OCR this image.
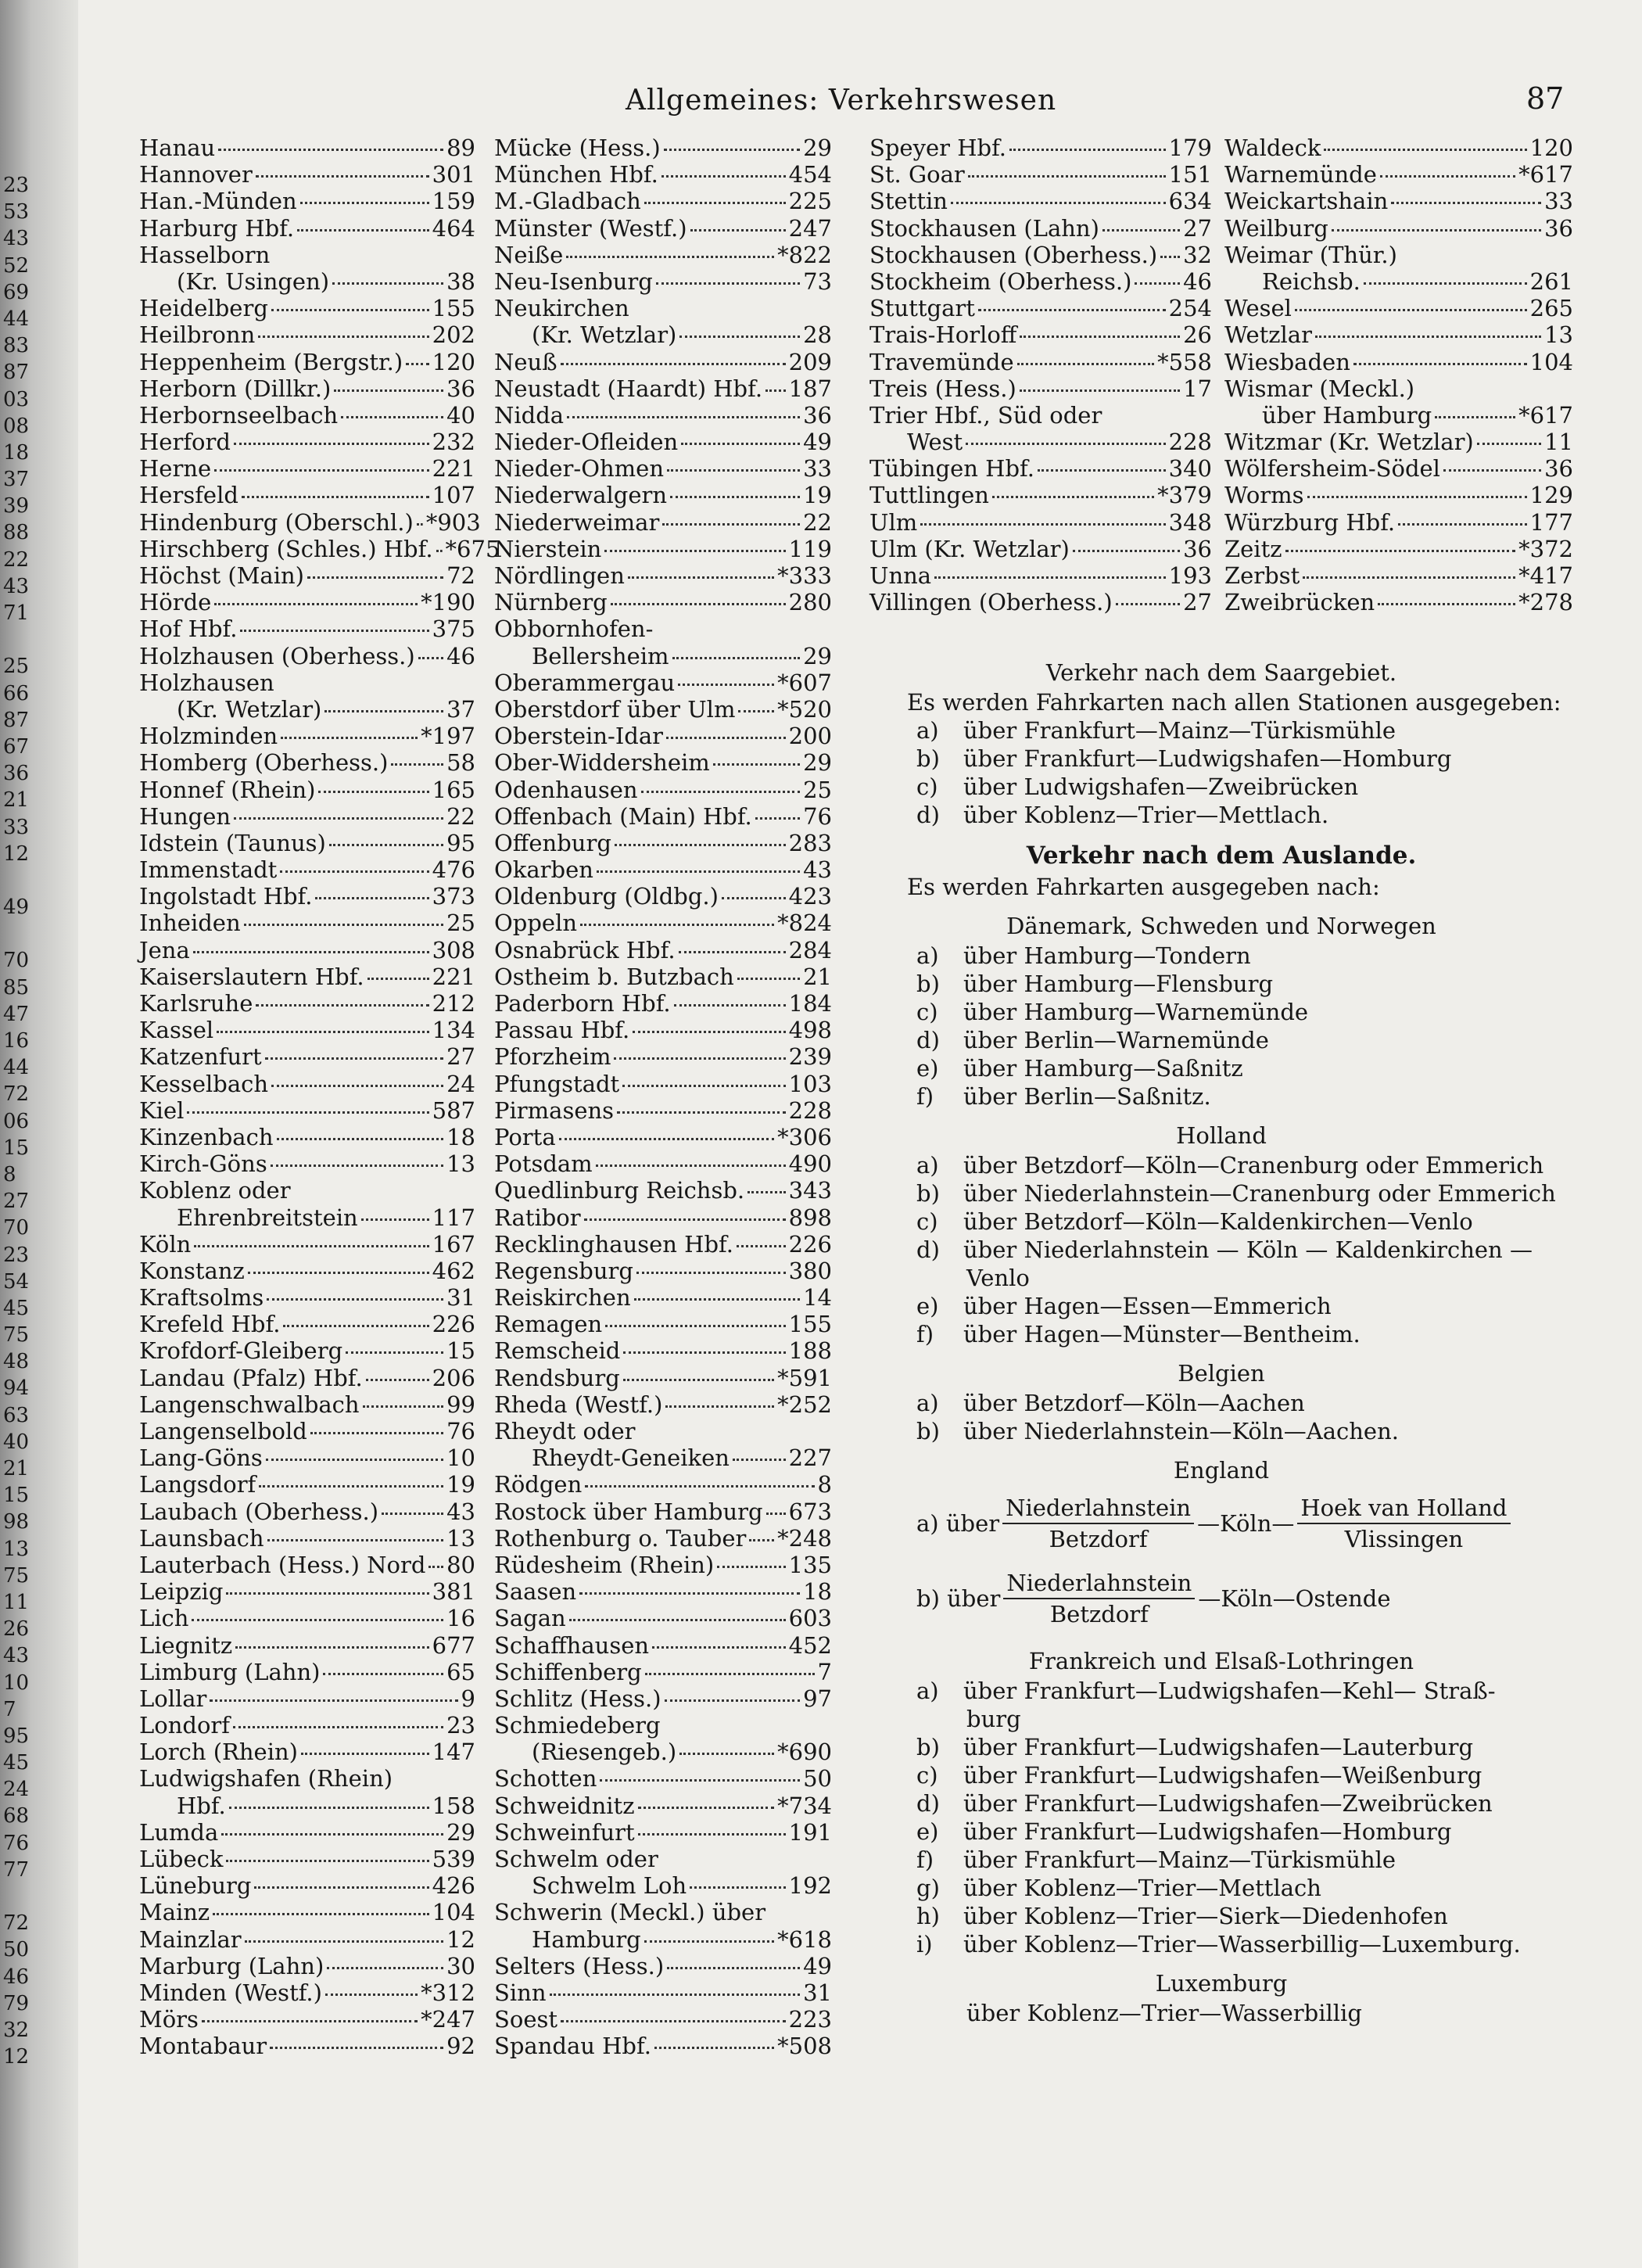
23
53
43
52
69
44
83
87
03
08
18
37
39
88
22
43
71
25
66
87
67
36
21
33
12
49
70
85
47
16
44
72
06
15
8
27
70
23
54
45
75
48
94
63
40
21
15
98
13
75
11
26
43
10
7
95
45
24
68
76
77
72
50
46
79
32
12
Allgemeines: Verkehrswesen	87
Hanau	89
Hannover	301
Han.-Münden	159
Harburg Hbf.	464
Hasselborn
(Kr. Usingen)	38
Heidelberg	155
Heilbronn	202
Heppenheim (Bergstr.) 120
Herborn (Dillkr.)	36
Herbornseelbach	40
Herford	232
Herne	221
Hersfeld	107
Hindenburg (Oberschl.) *903
Hirschberg (Schles.) Hbf. *675
Höchst (Main)	72
Hörde	*190
Hof Hbf.	375
Holzhausen (Oberhess.) 46
Holzhausen
(Kr. Wetzlar)	37
Holzminden	*197
Homberg (Oberhess.)	58
Honnef (Rhein)	165
Hungen	22
Idstein (Taunus)	95
Immenstadt	476
Ingolstadt Hbf.	373
Inheiden	25
Jena	308
Kaiserslautern Hbf.	221
Karlsruhe	212
Kassel	134
Katzenfurt	27
Kesselbach	24
Kiel	587
Kinzenbach	18
Kirch-Göns	13
Koblenz oder
Ehrenbreitstein	117
Köln	167
Konstanz	462
Kraftsolms	31
Krefeld Hbf.	226
Krofdorf-Gleiberg	15
Landau (Pfalz) Hbf.	206
Langenschwalbach	99
Langenselbold	76
Lang-Göns	10
Langsdorf	19
Laubach (Oberhess.)	43
Launsbach	13
Lauterbach (Hess.) Nord 80
Leipzig	381
Lich	16
Liegnitz	677
Limburg (Lahn)	65
Lollar	9
Londorf	23
Lorch (Rhein)	147
Ludwigshafen (Rhein)
Hbf.	158
Lumda	29
Lübeck	539
Lüneburg	426
Mainz	104
Mainzlar	12
Marburg (Lahn)	30
Minden (Westf.)	*312
Mörs	*247
Montabaur	92
Mücke (Hess.)	29
München Hbf.	454
M.-Gladbach	225
Münster (Westf.)	247
Neiße	*822
Neu-Isenburg	73
Neukirchen
(Kr. Wetzlar)	28
Neuß	209
Neustadt (Haardt) Hbf. 187
Nidda	36
Nieder-Ofleiden	49
Nieder-Ohmen	33
Niederwalgern	19
Niederweimar	22
Nierstein	119
Nördlingen	*333
Nürnberg	280
Obbornhofen-
Bellersheim	29
Oberammergau	*607
Oberstdorf über Ulm *520
Oberstein-Idar	200
Ober-Widdersheim	29
Odenhausen	25
Offenbach (Main) Hbf. 76
Offenburg	283
Okarben	43
Oldenburg (Oldbg.)	423
Oppeln	*824
Osnabrück Hbf.	284
Ostheim b. Butzbach	21
Paderborn Hbf.	184
Passau Hbf.	498
Pforzheim	239
Pfungstadt	103
Pirmasens	228
Porta	*306
Potsdam	490
Quedlinburg Reichsb. 343
Ratibor	898
Recklinghausen Hbf. 226
Regensburg	380
Reiskirchen	14
Remagen	155
Remscheid	188
Rendsburg	*591
Rheda (Westf.)	*252
Rheydt oder
Rheydt-Geneiken	227
Rödgen	8
Rostock über Hamburg 673
Rothenburg o. Tauber *248
Rüdesheim (Rhein)	135
Saasen	18
Sagan	603
Schaffhausen	452
Schiffenberg	7
Schlitz (Hess.)	97
Schmiedeberg
(Riesengeb.)	*690
Schotten	50
Schweidnitz	*734
Schweinfurt	191
Schwelm oder
Schwelm Loh	192
Schwerin (Meckl.) über
Hamburg	*618
Selters (Hess.)	49
Sinn	31
Soest	223
Spandau Hbf.	*508
Speyer Hbf.	179
St. Goar	151
Stettin	634
Stockhausen (Lahn)	27
Stockhausen (Oberhess.) 32
Stockheim (Oberhess.) 46
Stuttgart	254
Trais-Horloff	26
Travemünde	*558
Treis (Hess.)	17
Trier Hbf., Süd oder
West	228
Tübingen Hbf.	340
Tuttlingen	*379
Ulm	348
Ulm (Kr. Wetzlar)	36
Unna	193
Villingen (Oberhess.)	27
Waldeck	120
Warnemünde	*617
Weickartshain	33
Weilburg	36
Weimar (Thür.)
Reichsb.	261
Wesel	265
Wetzlar	13
Wiesbaden	104
Wismar (Meckl.)
über Hamburg	*617
Witzmar (Kr. Wetzlar)	11
Wölfersheim-Södel	36
Worms	129
Würzburg Hbf.	177
Zeitz	*372
Zerbst	*417
Zweibrücken	*278
Verkehr nach dem Saargebiet.
Es werden Fahrkarten nach allen Stationen ausgegeben:
a) über Frankfurt—Mainz—Türkismühle
b) über Frankfurt—Ludwigshafen—Homburg
c) über Ludwigshafen—Zweibrücken
d) über Koblenz—Trier—Mettlach.
Verkehr nach dem Auslande.
Es werden Fahrkarten ausgegeben nach:
Dänemark, Schweden und Norwegen
a) über Hamburg—Tondern
b) über Hamburg—Flensburg
c) über Hamburg—Warnemünde
d) über Berlin—Warnemünde
e) über Hamburg—Saßnitz
f) über Berlin—Saßnitz.
Holland
a) über Betzdorf—Köln—Cranenburg oder Emmerich
b) über Niederlahnstein—Cranenburg oder Emmerich
c) über Betzdorf—Köln—Kaldenkirchen—Venlo
d) über Niederlahnstein — Köln — Kaldenkirchen —
Venlo
e) über Hagen—Essen—Emmerich
f) über Hagen—Münster—Bentheim.
Belgien
a) über Betzdorf—Köln—Aachen
b) über Niederlahnstein—Köln—Aachen.
England
a) über $\frac{\text{Niederlahnstein}}{\text{Betzdorf}}$ —Köln— $\frac{\text{Hoek van Holland}}{\text{Vlissingen}}$
b) über $\frac{\text{Niederlahnstein}}{\text{Betzdorf}}$ —Köln—Ostende
Frankreich und Elsaß-Lothringen
a) über Frankfurt—Ludwigshafen—Kehl— Straß-
burg
b) über Frankfurt—Ludwigshafen—Lauterburg
c) über Frankfurt—Ludwigshafen—Weißenburg
d) über Frankfurt—Ludwigshafen—Zweibrücken
e) über Frankfurt—Ludwigshafen—Homburg
f) über Frankfurt—Mainz—Türkismühle
g) über Koblenz—Trier—Mettlach
h) über Koblenz—Trier—Sierk—Diedenhofen
i) über Koblenz—Trier—Wasserbillig—Luxemburg.
Luxemburg
über Koblenz—Trier—Wasserbillig
